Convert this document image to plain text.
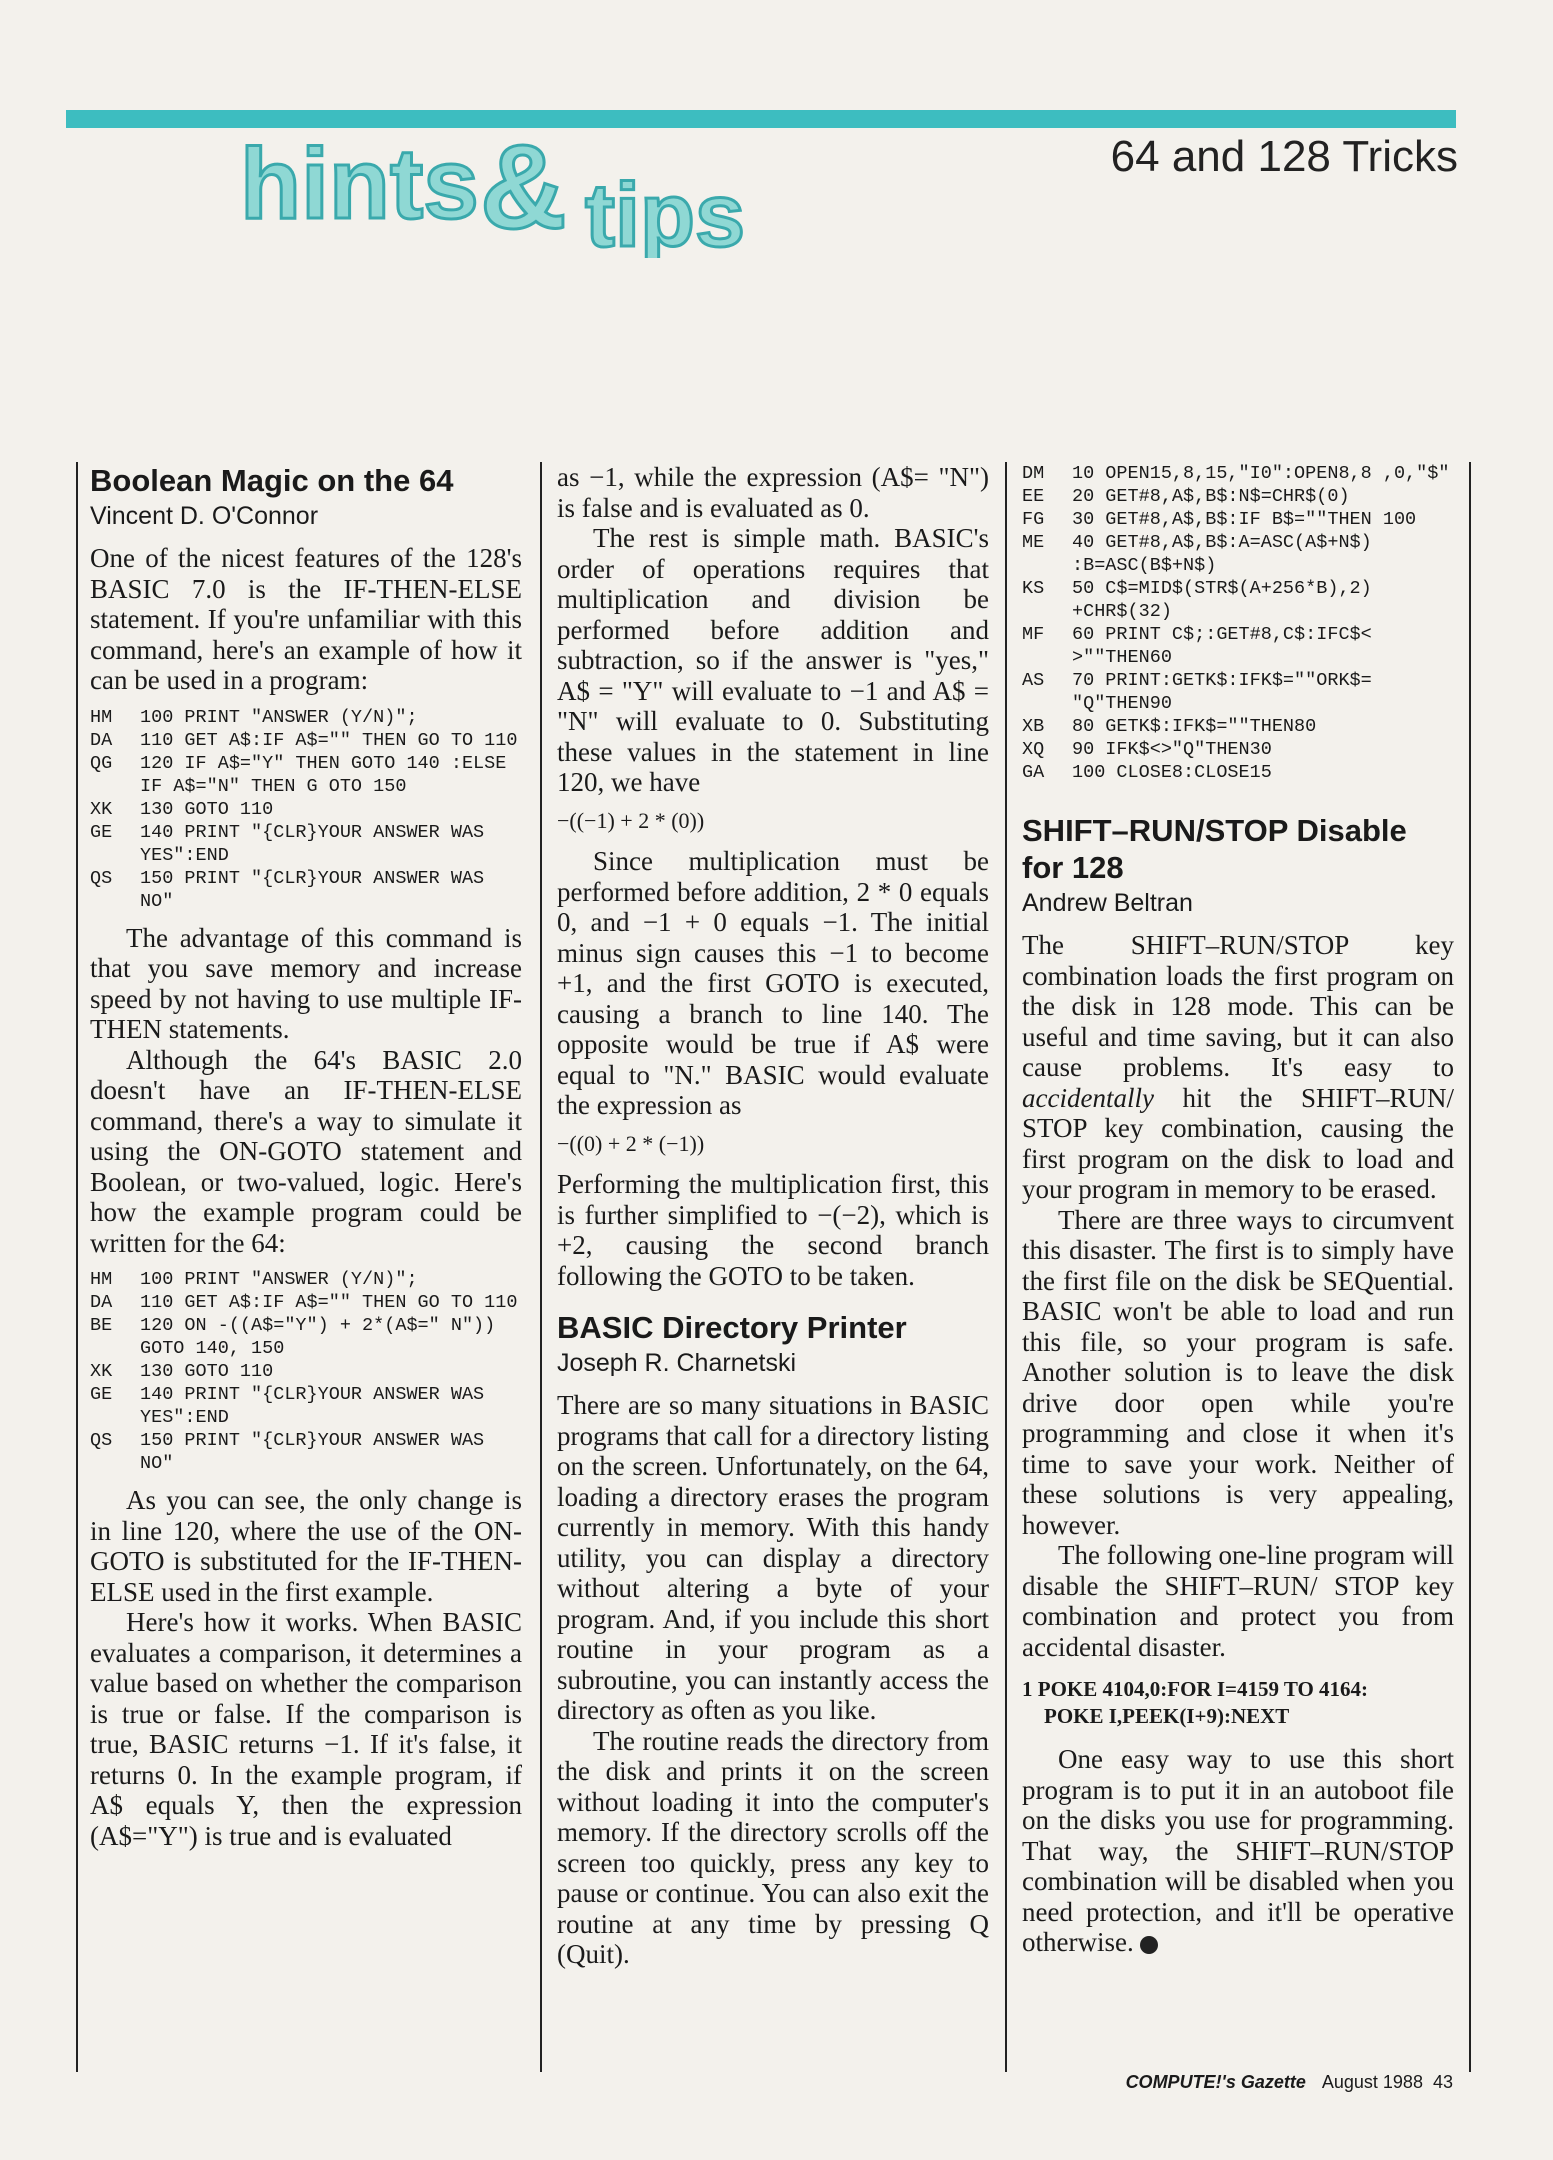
hints & tips
64 and 128 Tricks
Boolean Magic on the 64
Vincent D. O'Connor

One of the nicest features of the 128's BASIC 7.0 is the IF-THEN-ELSE statement. If you're unfamiliar with this command, here's an example of how it can be used in a program:

HM	100 PRINT "ANSWER (Y/N)";
DA	110 GET A$:IF A$="" THEN GO TO 110
QG	120 IF A$="Y" THEN GOTO 140 :ELSE IF A$="N" THEN G OTO 150
XK	130 GOTO 110
GE	140 PRINT "{CLR}YOUR ANSWER WAS YES":END
QS	150 PRINT "{CLR}YOUR ANSWER WAS NO"

The advantage of this command is that you save memory and increase speed by not having to use multiple IF-THEN statements.

Although the 64's BASIC 2.0 doesn't have an IF-THEN-ELSE command, there's a way to simulate it using the ON-GOTO statement and Boolean, or two-valued, logic. Here's how the example program could be written for the 64:

HM	100 PRINT "ANSWER (Y/N)";
DA	110 GET A$:IF A$="" THEN GO TO 110
BE	120 ON -((A$="Y") + 2*(A$=" N")) GOTO 140, 150
XK	130 GOTO 110
GE	140 PRINT "{CLR}YOUR ANSWER WAS YES":END
QS	150 PRINT "{CLR}YOUR ANSWER WAS NO"

As you can see, the only change is in line 120, where the use of the ON-GOTO is substituted for the IF-THEN-ELSE used in the first example.

Here's how it works. When BASIC evaluates a comparison, it determines a value based on whether the comparison is true or false. If the comparison is true, BASIC returns −1. If it's false, it returns 0. In the example program, if A$ equals Y, then the expression (A$="Y") is true and is evaluated

as −1, while the expression (A$= "N") is false and is evaluated as 0.

The rest is simple math. BASIC's order of operations requires that multiplication and division be performed before addition and subtraction, so if the answer is "yes," A$ = "Y" will evaluate to −1 and A$ = "N" will evaluate to 0. Substituting these values in the statement in line 120, we have

−((−1) + 2 * (0))

Since multiplication must be performed before addition, 2 * 0 equals 0, and −1 + 0 equals −1. The initial minus sign causes this −1 to become +1, and the first GOTO is executed, causing a branch to line 140. The opposite would be true if A$ were equal to "N." BASIC would evaluate the expression as

−((0) + 2 * (−1))

Performing the multiplication first, this is further simplified to −(−2), which is +2, causing the second branch following the GOTO to be taken.

BASIC Directory Printer
Joseph R. Charnetski

There are so many situations in BASIC programs that call for a directory listing on the screen. Unfortunately, on the 64, loading a directory erases the program currently in memory. With this handy utility, you can display a directory without altering a byte of your program. And, if you include this short routine in your program as a subroutine, you can instantly access the directory as often as you like.

The routine reads the directory from the disk and prints it on the screen without loading it into the computer's memory. If the directory scrolls off the screen too quickly, press any key to pause or continue. You can also exit the routine at any time by pressing Q (Quit).

DM	10 OPEN15,8,15,"I0":OPEN8,8 ,0,"$"
EE	20 GET#8,A$,B$:N$=CHR$(0)
FG	30 GET#8,A$,B$:IF B$=""THEN 100
ME	40 GET#8,A$,B$:A=ASC(A$+N$) :B=ASC(B$+N$)
KS	50 C$=MID$(STR$(A+256*B),2) +CHR$(32)
MF	60 PRINT C$;:GET#8,C$:IFC$< >""THEN60
AS	70 PRINT:GETK$:IFK$=""ORK$= "Q"THEN90
XB	80 GETK$:IFK$=""THEN80
XQ	90 IFK$<>"Q"THEN30
GA	100 CLOSE8:CLOSE15
SHIFT–RUN/STOP Disable for 128
Andrew Beltran

The SHIFT–RUN/STOP key combination loads the first program on the disk in 128 mode. This can be useful and time saving, but it can also cause problems. It's easy to accidentally hit the SHIFT–RUN/ STOP key combination, causing the first program on the disk to load and your program in memory to be erased.

There are three ways to circumvent this disaster. The first is to simply have the first file on the disk be SEQuential. BASIC won't be able to load and run this file, so your program is safe. Another solution is to leave the disk drive door open while you're programming and close it when it's time to save your work. Neither of these solutions is very appealing, however.

The following one-line program will disable the SHIFT–RUN/ STOP key combination and protect you from accidental disaster.

1 POKE 4104,0:FOR I=4159 TO 4164:
POKE I,PEEK(I+9):NEXT

One easy way to use this short program is to put it in an autoboot file on the disks you use for programming. That way, the SHIFT–RUN/STOP combination will be disabled when you need protection, and it'll be operative otherwise.

COMPUTE!'s Gazette August 1988 43
